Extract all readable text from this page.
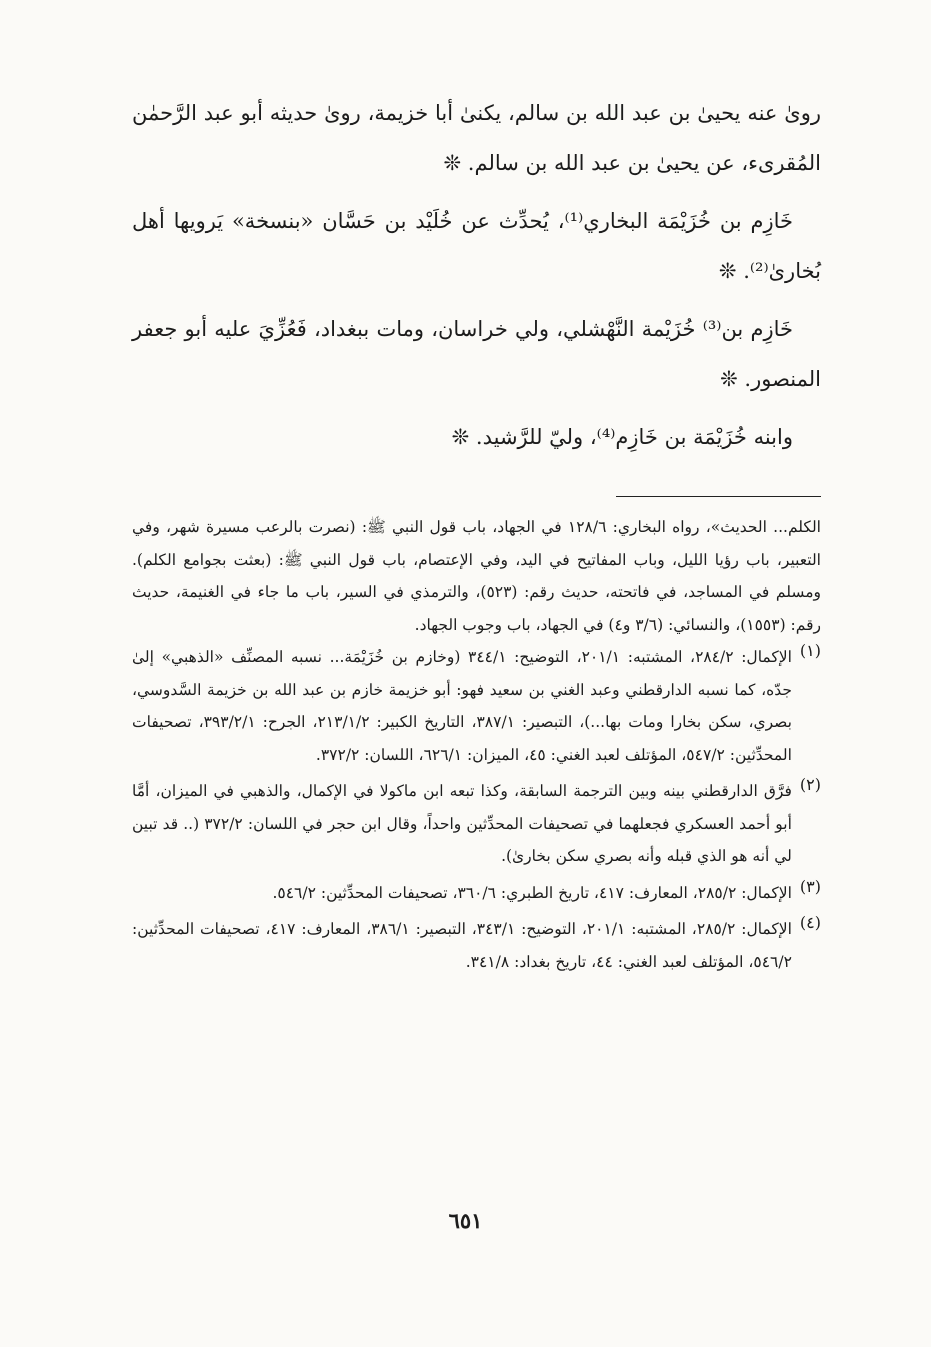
روىٰ عنه يحيىٰ بن عبد الله بن سالم، يكنىٰ أبا خزيمة، روىٰ حديثه أبو عبد الرَّحمٰن المُقرىء، عن يحيىٰ بن عبد الله بن سالم. ❊

خَازِم بن خُزَيْمَة البخاري⁽¹⁾، يُحدِّث عن خُلَيْد بن حَسَّان «بنسخة» يَرويها أهل بُخارىٰ⁽²⁾. ❊

خَازِم بن⁽³⁾ خُزَيْمة النَّهْشلي، ولي خراسان، ومات ببغداد، فَعُزِّيَ عليه أبو جعفر المنصور. ❊

وابنه خُزَيْمَة بن خَازِم⁽⁴⁾، وليّ للرَّشيد. ❊

الكلم... الحديث»، رواه البخاري: ١٢٨/٦ في الجهاد، باب قول النبي ﷺ: (نصرت بالرعب مسيرة شهر، وفي التعبير، باب رؤيا الليل، وباب المفاتيح في اليد، وفي الإعتصام، باب قول النبي ﷺ: (بعثت بجوامع الكلم). ومسلم في المساجد، في فاتحته، حديث رقم: (٥٢٣)، والترمذي في السير، باب ما جاء في الغنيمة، حديث رقم: (١٥٥٣)، والنسائي: (٣/٦ و٤) في الجهاد، باب وجوب الجهاد.

(١)

الإكمال: ٢٨٤/٢، المشتبه: ٢٠١/١، التوضيح: ٣٤٤/١ (وخازم بن خُزَيْمَة... نسبه المصنِّف «الذهبي» إلىٰ جدّه، كما نسبه الدارقطني وعبد الغني بن سعيد فهو: أبو خزيمة خازم بن عبد الله بن خزيمة السَّدوسي، بصري، سكن بخارا ومات بها...)، التبصير: ٣٨٧/١، التاريخ الكبير: ٢١٣/١/٢، الجرح: ٣٩٣/٢/١، تصحيفات المحدِّثين: ٥٤٧/٢، المؤتلف لعبد الغني: ٤٥، الميزان: ٦٢٦/١، اللسان: ٣٧٢/٢.

(٢)

فرَّق الدارقطني بينه وبين الترجمة السابقة، وكذا تبعه ابن ماكولا في الإكمال، والذهبي في الميزان، أمَّا أبو أحمد العسكري فجعلهما في تصحيفات المحدِّثين واحداً، وقال ابن حجر في اللسان: ٣٧٢/٢ (.. قد تبين لي أنه هو الذي قبله وأنه بصري سكن بخارىٰ).

(٣)

الإكمال: ٢٨٥/٢، المعارف: ٤١٧، تاريخ الطبري: ٣٦٠/٦، تصحيفات المحدِّثين: ٥٤٦/٢.

(٤)

الإكمال: ٢٨٥/٢، المشتبه: ٢٠١/١، التوضيح: ٣٤٣/١، التبصير: ٣٨٦/١، المعارف: ٤١٧، تصحيفات المحدِّثين: ٥٤٦/٢، المؤتلف لعبد الغني: ٤٤، تاريخ بغداد: ٣٤١/٨.

٦٥١
